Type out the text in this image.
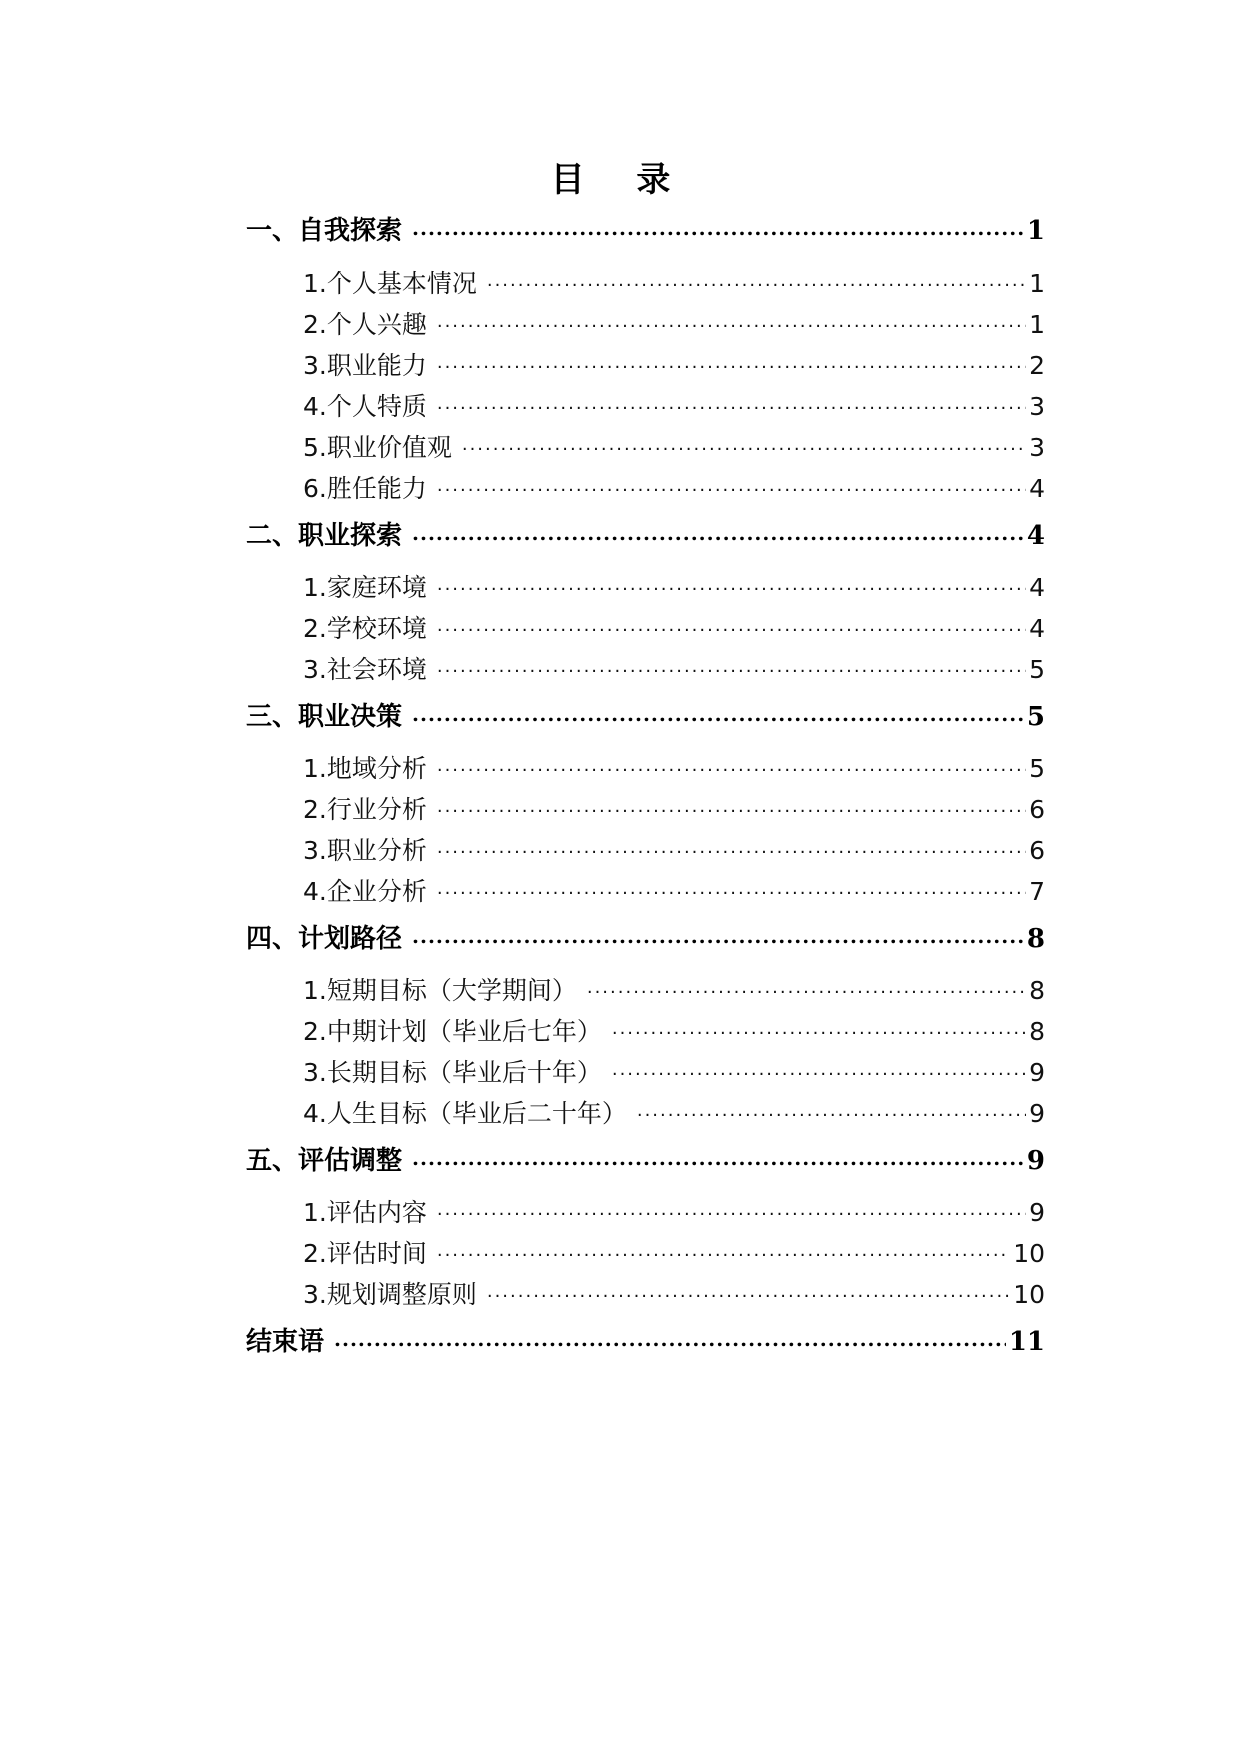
目 录
一、自我探索 .....	1
1.个人基本情况 .....	1
2.个人兴趣 .....	1
3.职业能力 .....	2
4.个人特质 .....	3
5.职业价值观 .....	3
6.胜任能力 .....	4
二、职业探索 .....	4
1.家庭环境 .....	4
2.学校环境 .....	4
3.社会环境 .....	5
三、职业决策 .....	5
1.地域分析 .....	5
2.行业分析 .....	6
3.职业分析 .....	6
4.企业分析 .....	7
四、计划路径 .....	8
1.短期目标（大学期间） .....	8
2.中期计划（毕业后七年） .....	8
3.长期目标（毕业后十年） .....	9
4.人生目标（毕业后二十年） .....	9
五、评估调整 .....	9
1.评估内容 .....	9
2.评估时间 .....	10
3.规划调整原则 .....	10
结束语 .....	11
